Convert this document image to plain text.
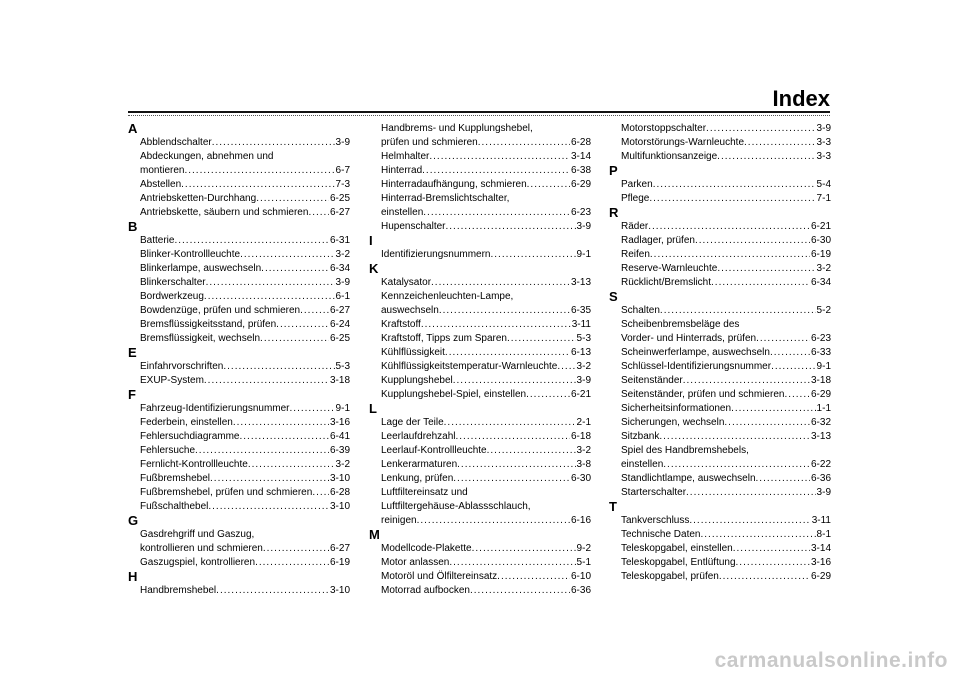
Index
A
Abblendschalter .....	3-9
Abdeckungen, abnehmen und
montieren .....	6-7
Abstellen .....	7-3
Antriebsketten-Durchhang .....	6-25
Antriebskette, säubern und schmieren ..... 6-27
B
Batterie .....	6-31
Blinker-Kontrollleuchte .....	3-2
Blinkerlampe, auswechseln .....	6-34
Blinkerschalter .....	3-9
Bordwerkzeug .....	6-1
Bowdenzüge, prüfen und schmieren .....	6-27
Bremsflüssigkeitsstand, prüfen .....	6-24
Bremsflüssigkeit, wechseln .....	6-25
E
Einfahrvorschriften .....	5-3
EXUP-System .....	3-18
F
Fahrzeug-Identifizierungsnummer .....	9-1
Federbein, einstellen .....	3-16
Fehlersuchdiagramme .....	6-41
Fehlersuche .....	6-39
Fernlicht-Kontrollleuchte .....	3-2
Fußbremshebel .....	3-10
Fußbremshebel, prüfen und schmieren ..... 6-28
Fußschalthebel .....	3-10
G
Gasdrehgriff und Gaszug,
kontrollieren und schmieren .....	6-27
Gaszugspiel, kontrollieren .....	6-19
H
Handbremshebel .....	3-10
Handbrems- und Kupplungshebel,
prüfen und schmieren .....	6-28
Helmhalter .....	3-14
Hinterrad .....	6-38
Hinterradaufhängung, schmieren .....	6-29
Hinterrad-Bremslichtschalter,
einstellen .....	6-23
Hupenschalter .....	3-9
I
Identifizierungsnummern .....	9-1
K
Katalysator .....	3-13
Kennzeichenleuchten-Lampe,
auswechseln .....	6-35
Kraftstoff .....	3-11
Kraftstoff, Tipps zum Sparen .....	5-3
Kühlflüssigkeit .....	6-13
Kühlflüssigkeitstemperatur-Warnleuchte ..... 3-2
Kupplungshebel .....	3-9
Kupplungshebel-Spiel, einstellen .....	6-21
L
Lage der Teile .....	2-1
Leerlaufdrehzahl .....	6-18
Leerlauf-Kontrollleuchte .....	3-2
Lenkerarmaturen .....	3-8
Lenkung, prüfen .....	6-30
Luftfiltereinsatz und
Luftfiltergehäuse-Ablassschlauch,
reinigen .....	6-16
M
Modellcode-Plakette .....	9-2
Motor anlassen .....	5-1
Motoröl und Ölfiltereinsatz .....	6-10
Motorrad aufbocken .....	6-36
Motorstoppschalter .....	3-9
Motorstörungs-Warnleuchte .....	3-3
Multifunktionsanzeige .....	3-3
P
Parken .....	5-4
Pflege .....	7-1
R
Räder .....	6-21
Radlager, prüfen .....	6-30
Reifen .....	6-19
Reserve-Warnleuchte .....	3-2
Rücklicht/Bremslicht .....	6-34
S
Schalten .....	5-2
Scheibenbremsbeläge des
Vorder- und Hinterrads, prüfen .....	6-23
Scheinwerferlampe, auswechseln .....	6-33
Schlüssel-Identifizierungsnummer .....	9-1
Seitenständer .....	3-18
Seitenständer, prüfen und schmieren .....	6-29
Sicherheitsinformationen .....	1-1
Sicherungen, wechseln .....	6-32
Sitzbank .....	3-13
Spiel des Handbremshebels,
einstellen .....	6-22
Standlichtlampe, auswechseln .....	6-36
Starterschalter .....	3-9
T
Tankverschluss .....	3-11
Technische Daten .....	8-1
Teleskopgabel, einstellen .....	3-14
Teleskopgabel, Entlüftung .....	3-16
Teleskopgabel, prüfen .....	6-29
carmanualsonline.info
